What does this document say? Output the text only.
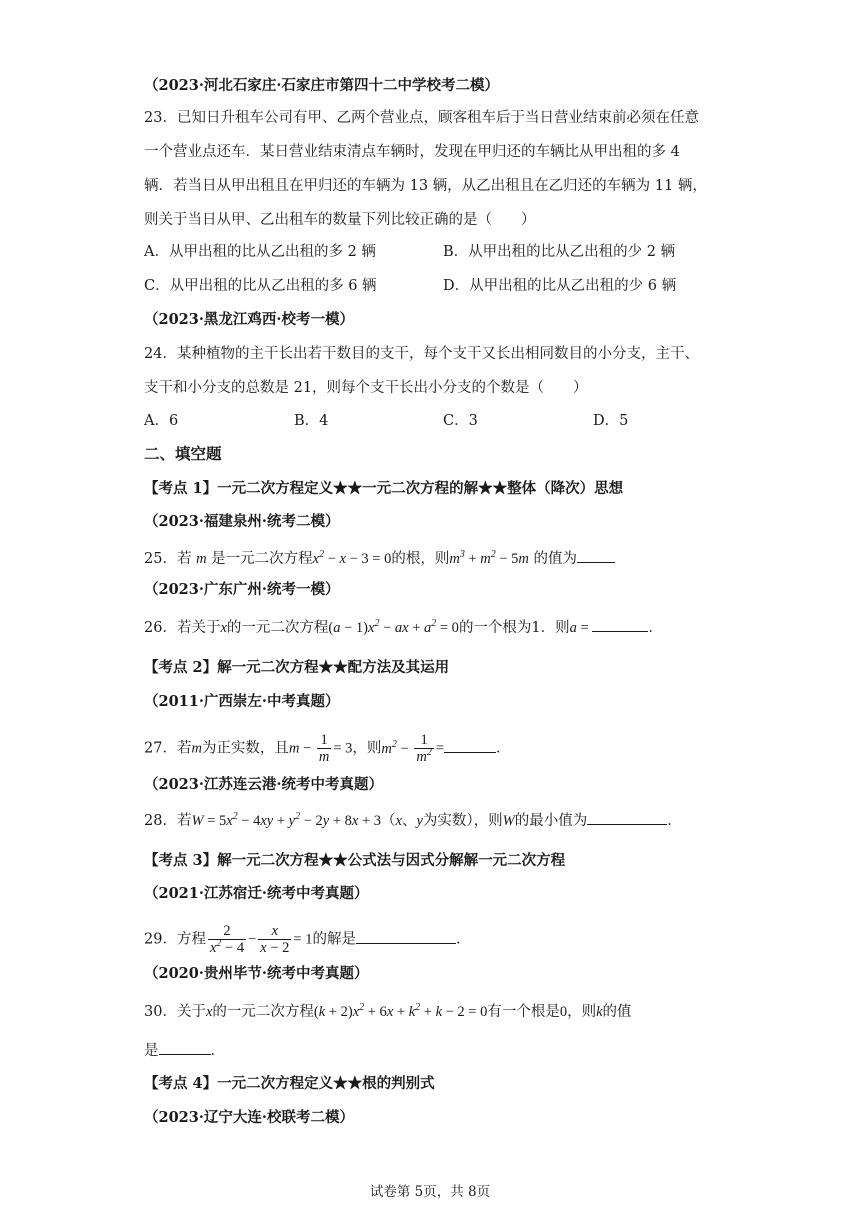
（2023·河北石家庄·石家庄市第四十二中学校考二模）
23．已知日升租车公司有甲、乙两个营业点，顾客租车后于当日营业结束前必须在任意
一个营业点还车．某日营业结束清点车辆时，发现在甲归还的车辆比从甲出租的多 4
辆．若当日从甲出租且在甲归还的车辆为 13 辆，从乙出租且在乙归还的车辆为 11 辆，
则关于当日从甲、乙出租车的数量下列比较正确的是（　　）
A．从甲出租的比从乙出租的多 2 辆	B．从甲出租的比从乙出租的少 2 辆
C．从甲出租的比从乙出租的多 6 辆	D．从甲出租的比从乙出租的少 6 辆
（2023·黑龙江鸡西·校考一模）
24．某种植物的主干长出若干数目的支干，每个支干又长出相同数目的小分支，主干、
支干和小分支的总数是 21，则每个支干长出小分支的个数是（　　）
A．6	B．4	C．3	D．5
二、填空题
【考点 1】一元二次方程定义★★一元二次方程的解★★整体（降次）思想
（2023·福建泉州·统考二模）
25．若 m 是一元二次方程$x^2 - x - 3 = 0$的根，则$m^3 + m^2 - 5m$ 的值为
（2023·广东广州·统考一模）
26．若关于x的一元二次方程$(a - 1)x^2$ − ax + $a^2 = 0$的一个根为1．则a =	．
【考点 2】解一元二次方程★★配方法及其运用
（2011·广西崇左·中考真题）
27．若m为正实数，且$m - \frac{1}{m} = 3$，则$m^2 - \frac{1}{m^2}$ =	．
（2023·江苏连云港·统考中考真题）
28．若$W = 5x^2 - 4xy + y^2 - 2y + 8x + 3(x$、y为实数），则W的最小值为	．
【考点 3】解一元二次方程★★公式法与因式分解解一元二次方程
（2021·江苏宿迁·统考中考真题）
29．方程 $\frac{2}{x^2 - 4} - \frac{x}{x - 2} = 1$的解是	．
（2020·贵州毕节·统考中考真题）
30．关于x的一元二次方程$(k + 2)x^2 + 6x + k^2 + k - 2 = 0$有一个根是0，则k的值
是	．
【考点 4】一元二次方程定义★★根的判别式
（2023·辽宁大连·校联考二模）
试卷第 5页，共 8页
